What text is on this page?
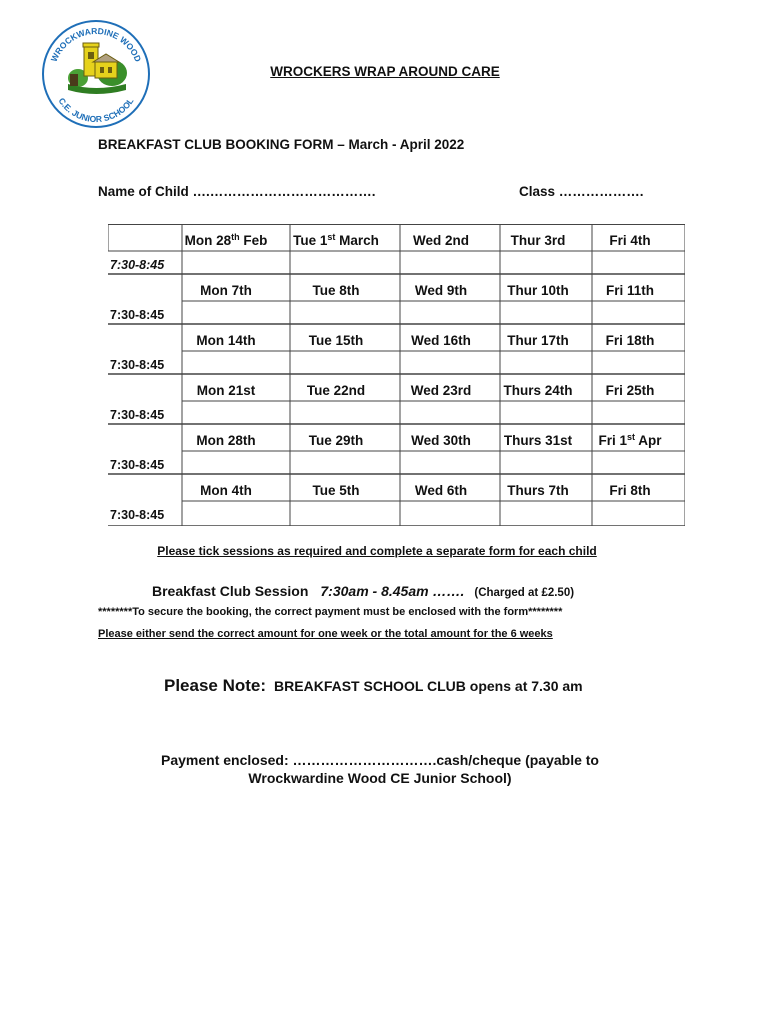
WROCKWARDINE WOOD
C.E. JUNIOR SCHOOL
WROCKERS WRAP AROUND CARE
BREAKFAST CLUB BOOKING FORM – March - April 2022
Name of Child ….……………………………….	Class ……………….
Mon 28th Feb Tue 1st March	Wed 2nd	Thur 3rd	Fri 4th
7:30-8:45
Mon 7th	Tue 8th	Wed 9th	Thur 10th	Fri 11th
7:30-8:45
Mon 14th	Tue 15th	Wed 16th	Thur 17th	Fri 18th
7:30-8:45
Mon 21st	Tue 22nd	Wed 23rd Thurs 24th Fri 25th
7:30-8:45
Mon 28th	Tue 29th	Wed 30th Thurs 31st Fri 1st Apr
7:30-8:45
Mon 4th	Tue 5th	Wed 6th	Thurs 7th	Fri 8th
7:30-8:45
Please tick sessions as required and complete a separate form for each child
Breakfast Club Session 7:30am - 8.45am ……. (Charged at £2.50)
********To secure the booking, the correct payment must be enclosed with the form********
Please either send the correct amount for one week or the total amount for the 6 weeks
Please Note: BREAKFAST SCHOOL CLUB opens at 7.30 am
Payment enclosed: ………………………….cash/cheque (payable to
Wrockwardine Wood CE Junior School)
